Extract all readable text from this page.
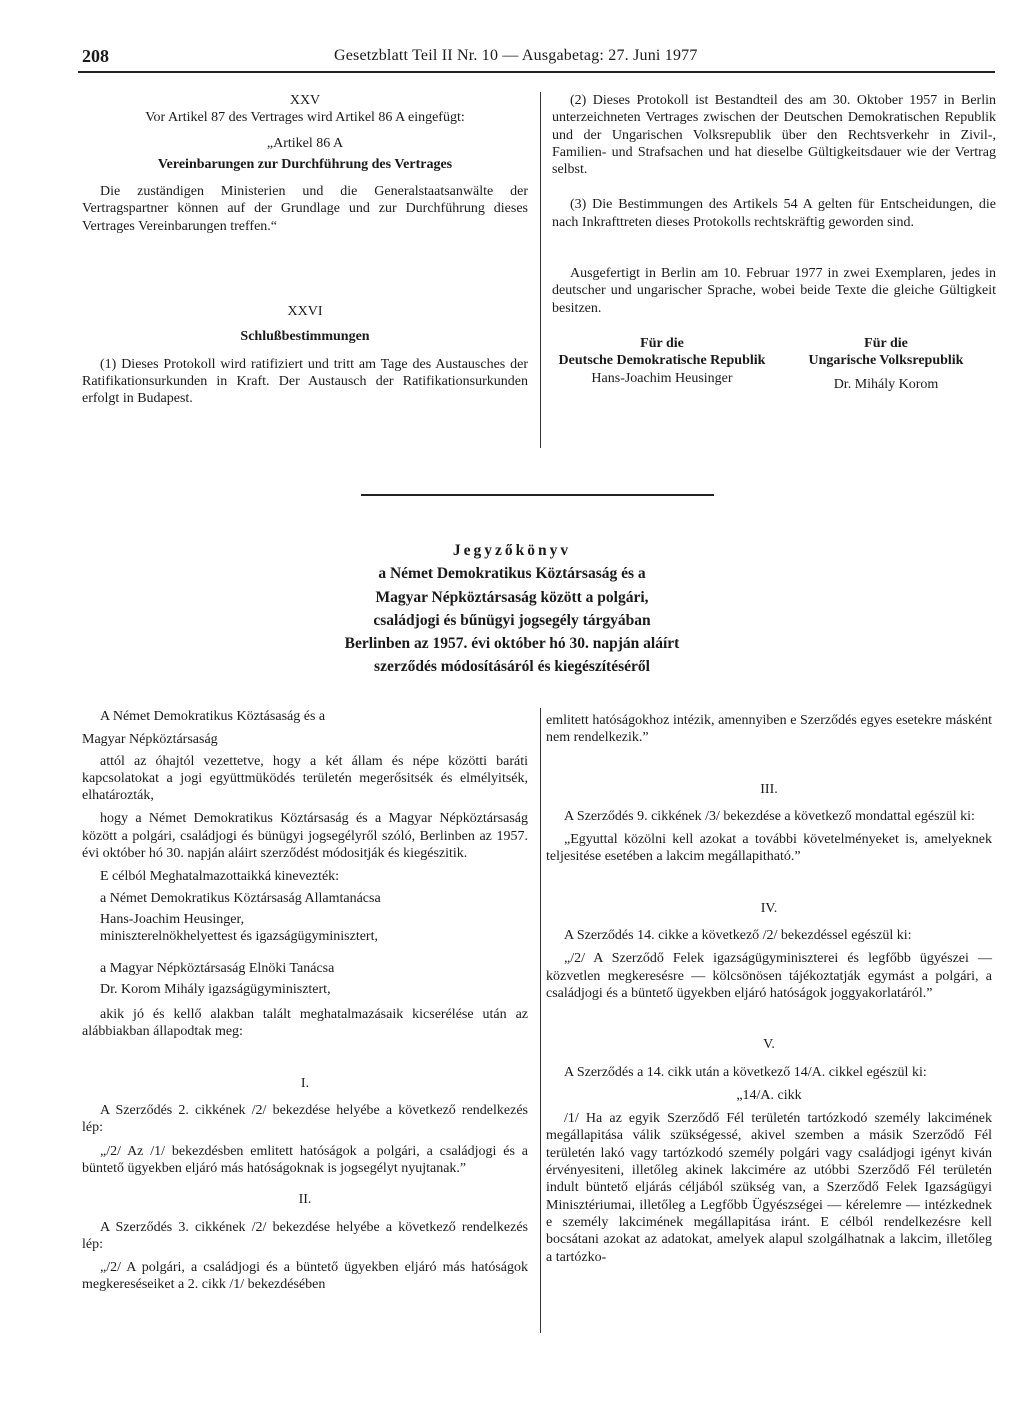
208	Gesetzblatt Teil II Nr. 10 — Ausgabetag: 27. Juni 1977

XXV

Vor Artikel 87 des Vertrages wird Artikel 86 A eingefügt:

„Artikel 86 A

Vereinbarungen zur Durchführung des Vertrages

Die zuständigen Ministerien und die Generalstaatsanwälte der Vertragspartner können auf der Grundlage und zur Durchführung dieses Vertrages Vereinbarungen treffen.“

XXVI

Schlußbestimmungen

(1) Dieses Protokoll wird ratifiziert und tritt am Tage des Austausches der Ratifikationsurkunden in Kraft. Der Austausch der Ratifikationsurkunden erfolgt in Budapest.

(2) Dieses Protokoll ist Bestandteil des am 30. Oktober 1957 in Berlin unterzeichneten Vertrages zwischen der Deutschen Demokratischen Republik und der Ungarischen Volksrepublik über den Rechtsverkehr in Zivil-, Familien- und Strafsachen und hat dieselbe Gültigkeitsdauer wie der Vertrag selbst.

(3) Die Bestimmungen des Artikels 54 A gelten für Entscheidungen, die nach Inkrafttreten dieses Protokolls rechtskräftig geworden sind.

Ausgefertigt in Berlin am 10. Februar 1977 in zwei Exemplaren, jedes in deutscher und ungarischer Sprache, wobei beide Texte die gleiche Gültigkeit besitzen.

Für die

Deutsche Demokratische Republik

Hans-Joachim Heusinger

Für die

Ungarische Volksrepublik

Dr. Mihály Korom

Jegyzőkönyv
a Német Demokratikus Köztársaság és a
Magyar Népköztársaság között a polgári,
családjogi és bűnügyi jogsegély tárgyában
Berlinben az 1957. évi október hó 30. napján aláírt
szerződés módosításáról és kiegészítéséről

A Német Demokratikus Köztásaság és a

Magyar Népköztársaság

attól az óhajtól vezettetve, hogy a két állam és népe közötti baráti kapcsolatokat a jogi együttmüködés területén megerősitsék és elmélyitsék, elhatározták,

hogy a Német Demokratikus Köztársaság és a Magyar Népköztársaság között a polgári, családjogi és bünügyi jogsegélyről szóló, Berlinben az 1957. évi október hó 30. napján aláirt szerződést módositják és kiegészitik.

E célból Meghatalmazottaikká kinevezték:

a Német Demokratikus Köztársaság Allamtanácsa

Hans-Joachim Heusinger,

miniszterelnökhelyettest és igazságügyminisztert,

a Magyar Népköztársaság Elnöki Tanácsa

Dr. Korom Mihály igazságügyminisztert,

akik jó és kellő alakban talált meghatalmazásaik kicserélése után az alábbiakban állapodtak meg:

I.

A Szerződés 2. cikkének /2/ bekezdése helyébe a következő rendelkezés lép:

„/2/ Az /1/ bekezdésben emlitett hatóságok a polgári, a családjogi és a büntető ügyekben eljáró más hatóságoknak is jogsegélyt nyujtanak.”

II.

A Szerződés 3. cikkének /2/ bekezdése helyébe a következő rendelkezés lép:

„/2/ A polgári, a családjogi és a büntető ügyekben eljáró más hatóságok megkereséseiket a 2. cikk /1/ bekezdésében

emlitett hatóságokhoz intézik, amennyiben e Szerződés egyes esetekre másként nem rendelkezik.”

III.

A Szerződés 9. cikkének /3/ bekezdése a következő mondattal egészül ki:

„Egyuttal közölni kell azokat a további követelményeket is, amelyeknek teljesitése esetében a lakcim megállapitható.”

IV.

A Szerződés 14. cikke a következő /2/ bekezdéssel egészül ki:

„/2/ A Szerződő Felek igazságügyminiszterei és legfőbb ügyészei — közvetlen megkeresésre — kölcsönösen tájékoztatják egymást a polgári, a családjogi és a büntető ügyekben eljáró hatóságok joggyakorlatáról.”

V.

A Szerződés a 14. cikk után a következő 14/A. cikkel egészül ki:

„14/A. cikk

/1/ Ha az egyik Szerződő Fél területén tartózkodó személy lakcimének megállapitása válik szükségessé, akivel szemben a másik Szerződő Fél területén lakó vagy tartózkodó személy polgári vagy családjogi igényt kiván érvényesiteni, illetőleg akinek lakcimére az utóbbi Szerződő Fél területén indult büntető eljárás céljából szükség van, a Szerződő Felek Igazságügyi Minisztériumai, illetőleg a Legfőbb Ügyészségei — kérelemre — intézkednek e személy lakcimének megállapitása iránt. E célból rendelkezésre kell bocsátani azokat az adatokat, amelyek alapul szolgálhatnak a lakcim, illetőleg a tartózko-
